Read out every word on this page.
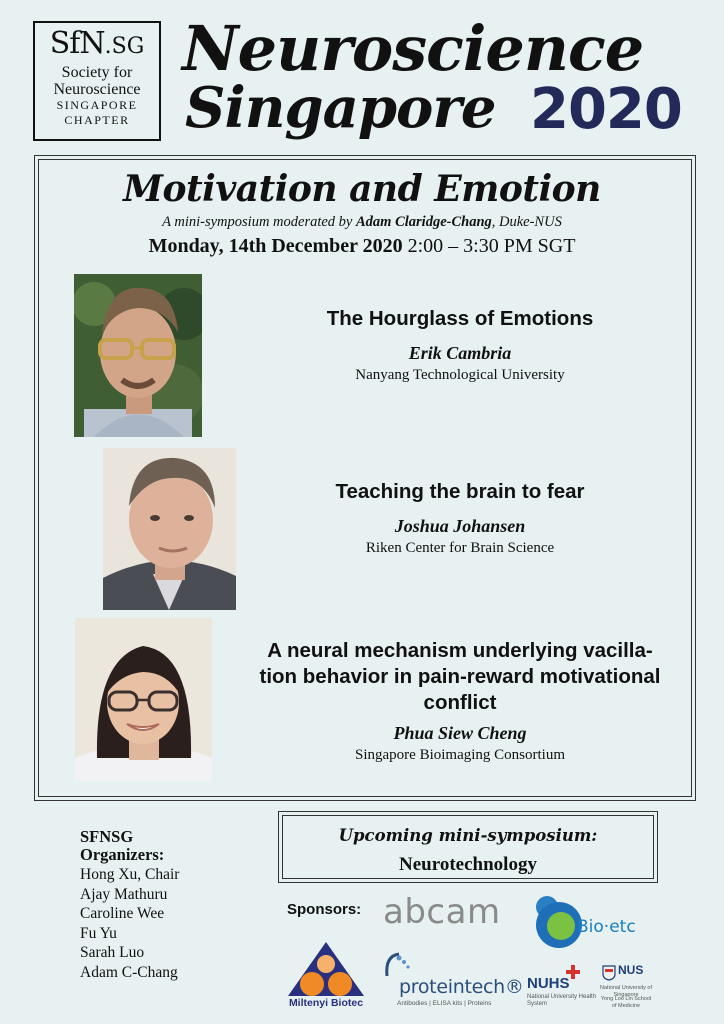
SfN.SG
Society for
Neuroscience
SINGAPORE
CHAPTER
Neuroscience
Singapore 2020
Motivation and Emotion
A mini-symposium moderated by Adam Claridge-Chang, Duke-NUS
Monday, 14th December 2020 2:00 – 3:30 PM SGT
The Hourglass of Emotions
Erik Cambria
Nanyang Technological University
Teaching the brain to fear
Joshua Johansen
Riken Center for Brain Science
A neural mechanism underlying vacilla-
tion behavior in pain-reward motivational
conflict
Phua Siew Cheng
Singapore Bioimaging Consortium
SFNSG
Organizers:
Hong Xu, Chair
Ajay Mathuru
Caroline Wee
Fu Yu
Sarah Luo
Adam C-Chang
Upcoming mini-symposium:
Neurotechnology
Sponsors: abcam	Bio·etc
Miltenyi Biotec
proteintech®
Antibodies | ELISA kits | Proteins
NUHS
National University Health System
NUS
National University of Singapore
Yong Loo Lin School of Medicine
